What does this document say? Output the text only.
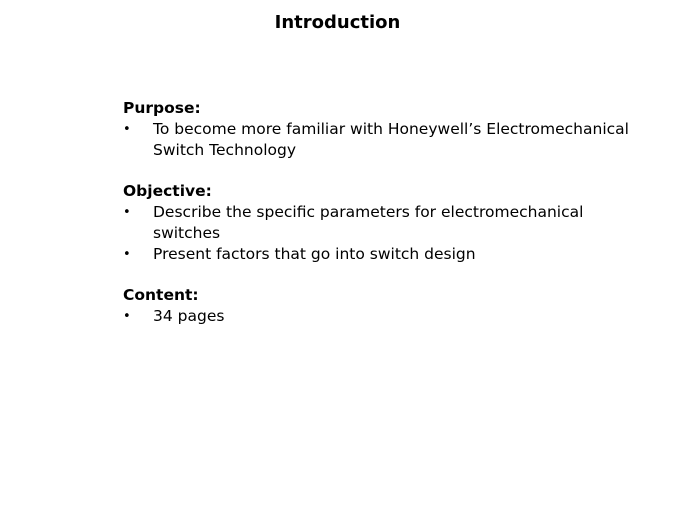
Introduction
Purpose:
• To become more familiar with Honeywell’s Electromechanical Switch Technology
Objective:
• Describe the specific parameters for electromechanical switches
• Present factors that go into switch design
Content:
• 34 pages
